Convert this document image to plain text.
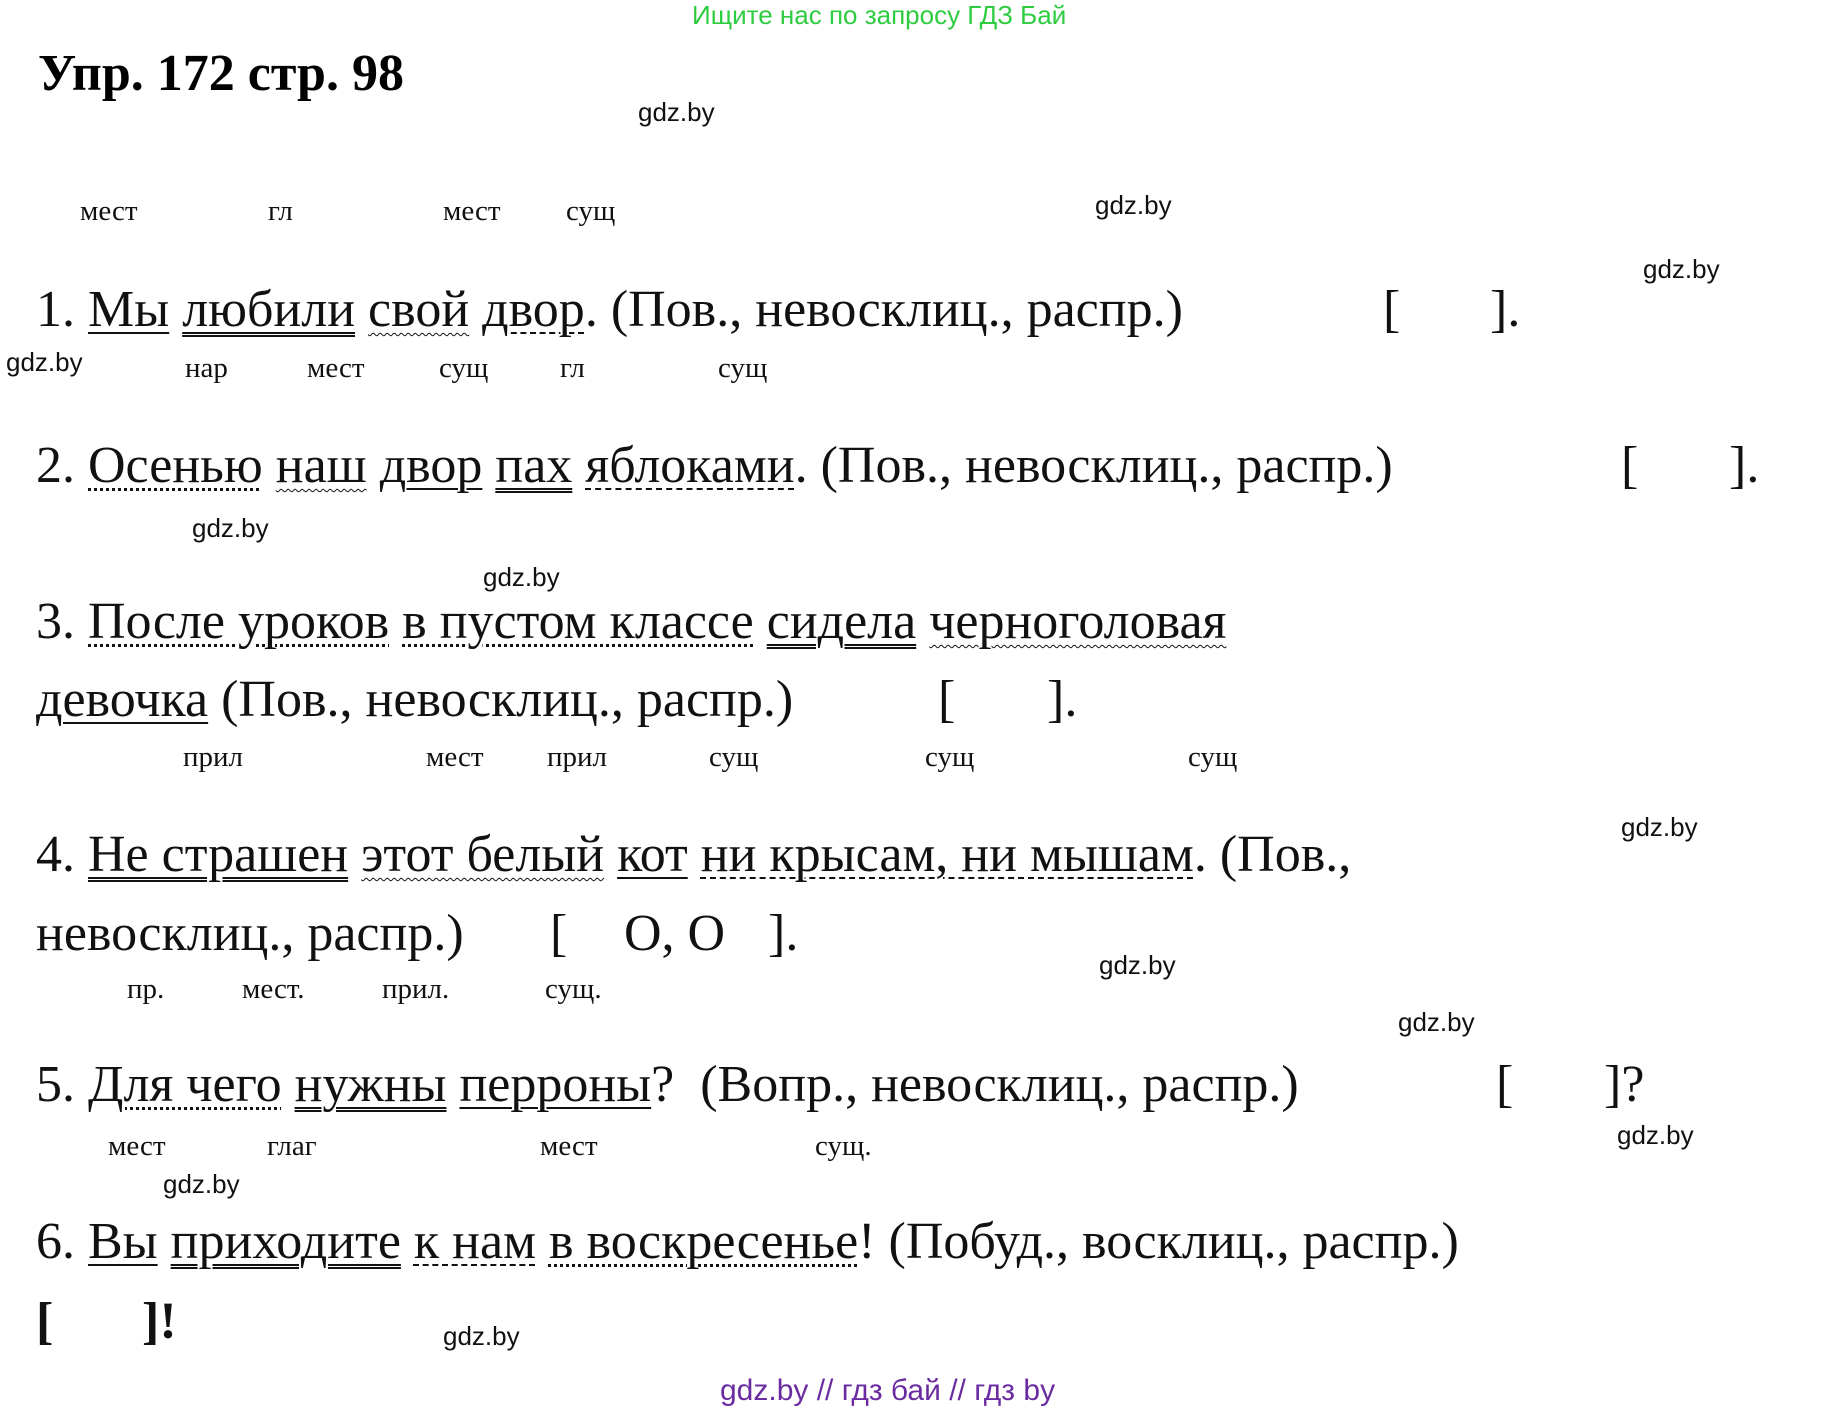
Ищите нас по запросу ГДЗ Бай
Упр. 172 стр. 98
gdz.by
gdz.by
gdz.by
gdz.by
gdz.by
gdz.by
gdz.by
gdz.by
gdz.by
gdz.by
gdz.by
gdz.by
мест	гл	мест сущ
1. Мы любили свой двор. (Пов., невосклиц., распр.)	[ ].
нар	мест	сущ гл	сущ
2. Осенью наш двор пах яблоками. (Пов., невосклиц., распр.)	[ ].
3. После уроков в пустом классе сидела черноголовая
девочка (Пов., невосклиц., распр.)	[ ].
прил	мест прил	сущ	сущ	сущ
4. Не страшен этот белый кот ни крысам, ни мышам. (Пов.,
невосклиц., распр.) [ О, О ].
пр.	мест.	прил.	сущ.
5. Для чего нужны перроны? (Вопр., невосклиц., распр.)	[ ]?
мест	глаг	мест	сущ.
6. Вы приходите к нам в воскресенье! (Побуд., восклиц., распр.)
[ ]!
gdz.by // гдз бай // гдз by
